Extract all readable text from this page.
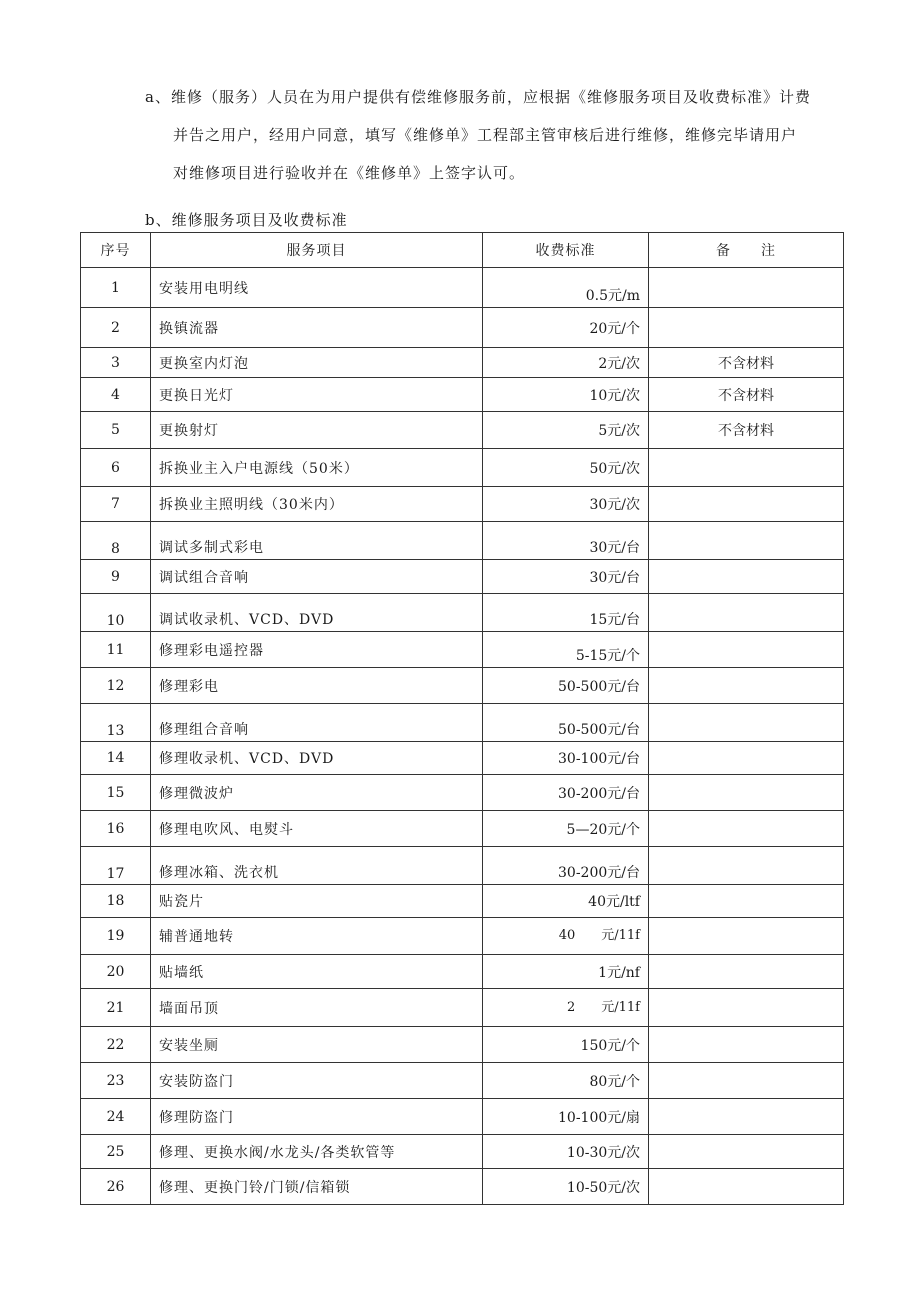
a、维修（服务）人员在为用户提供有偿维修服务前，应根据《维修服务项目及收费标准》计费
并告之用户，经用户同意，填写《维修单》工程部主管审核后进行维修，维修完毕请用户
对维修项目进行验收并在《维修单》上签字认可。
b、维修服务项目及收费标准
序号	服务项目	收费标准	备　　注
1	安装用电明线	0.5元/m	
2	换镇流器	20元/个	
3	更换室内灯泡	2元/次	不含材料
4	更换日光灯	10元/次	不含材料
5	更换射灯	5元/次	不含材料
6	拆换业主入户电源线（50米）	50元/次	
7	拆换业主照明线（30米内）	30元/次	
8	调试多制式彩电	30元/台	
9	调试组合音响	30元/台	
10	调试收录机、VCD、DVD	15元/台	
11	修理彩电遥控器	5-15元/个	
12	修理彩电	50-500元/台	
13	修理组合音响	50-500元/台	
14	修理收录机、VCD、DVD	30-100元/台	
15	修理微波炉	30-200元/台	
16	修理电吹风、电熨斗	5—20元/个	
17	修理冰箱、洗衣机	30-200元/台	
18	贴瓷片	40元/ltf	
19	辅普通地转	40　　元/11f	
20	贴墙纸	1元/nf	
21	墙面吊顶	2　　元/11f	
22	安装坐厕	150元/个	
23	安装防盗门	80元/个	
24	修理防盗门	10-100元/扇	
25	修理、更换水阀/水龙头/各类软管等	10-30元/次	
26	修理、更换门铃/门锁/信箱锁	10-50元/次	
